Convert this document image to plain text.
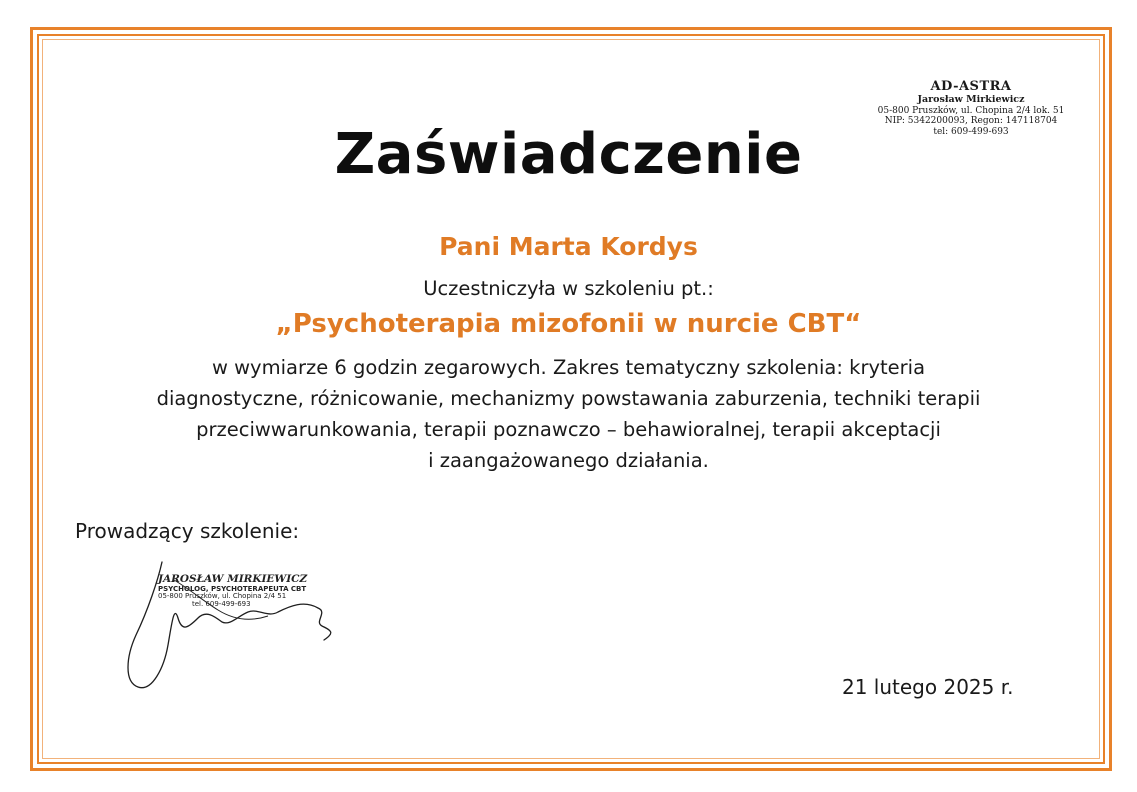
AD-ASTRA
Jarosław Mirkiewicz
05-800 Pruszków, ul. Chopina 2/4 lok. 51
NIP: 5342200093, Regon: 147118704
tel: 609-499-693
Zaświadczenie
Pani Marta Kordys
Uczestniczyła w szkoleniu pt.:
„Psychoterapia mizofonii w nurcie CBT“
w wymiarze 6 godzin zegarowych. Zakres tematyczny szkolenia: kryteria
diagnostyczne, różnicowanie, mechanizmy powstawania zaburzenia, techniki terapii
przeciwwarunkowania, terapii poznawczo – behawioralnej, terapii akceptacji
i zaangażowanego działania.
Prowadzący szkolenie:
JAROSŁAW MIRKIEWICZ
PSYCHOLOG, PSYCHOTERAPEUTA CBT
05-800 Pruszków, ul. Chopina 2/4 51
tel. 609-499-693
21 lutego 2025 r.
